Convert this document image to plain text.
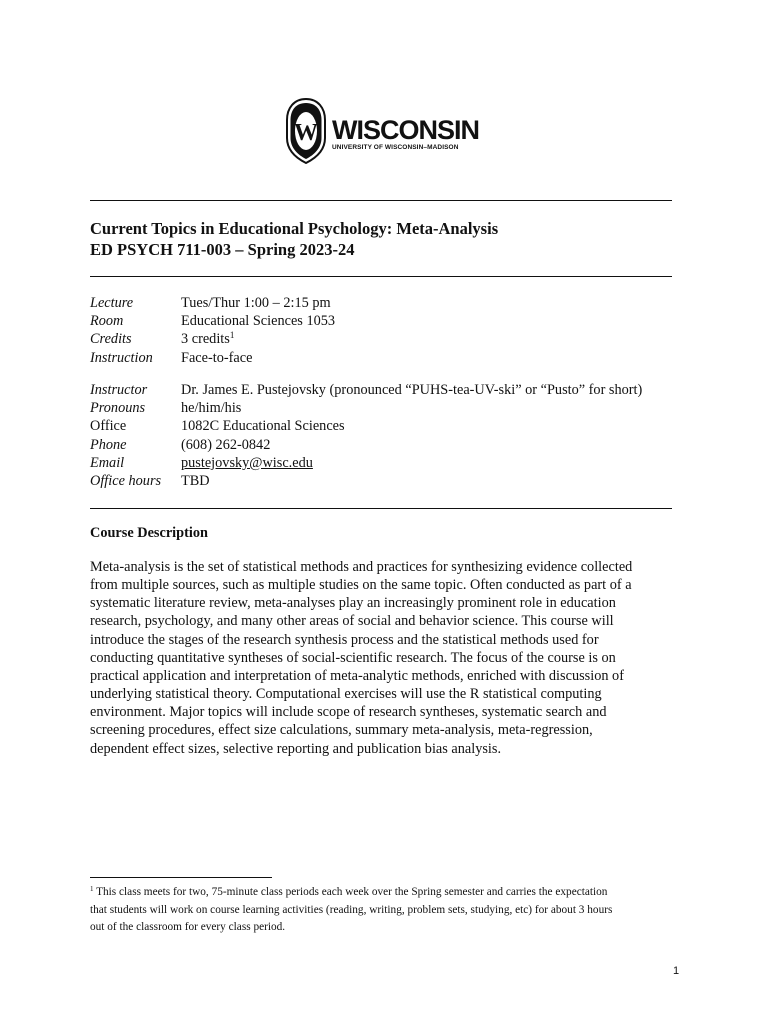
W WISCONSIN
UNIVERSITY OF WISCONSIN–MADISON
Current Topics in Educational Psychology: Meta-Analysis
ED PSYCH 711-003 – Spring 2023-24
Lecture	Tues/Thur 1:00 – 2:15 pm
Room	Educational Sciences 1053
Credits	3 credits$^1$
Instruction	Face-to-face
Instructor	Dr. James E. Pustejovsky (pronounced “PUHS-tea-UV-ski” or “Pusto” for short)
Pronouns	he/him/his
Office	1082C Educational Sciences
Phone	(608) 262-0842
Email	pustejovsky@wisc.edu
Office hours	TBD
Course Description
Meta-analysis is the set of statistical methods and practices for synthesizing evidence collected
from multiple sources, such as multiple studies on the same topic. Often conducted as part of a
systematic literature review, meta-analyses play an increasingly prominent role in education
research, psychology, and many other areas of social and behavior science. This course will
introduce the stages of the research synthesis process and the statistical methods used for
conducting quantitative syntheses of social-scientific research. The focus of the course is on
practical application and interpretation of meta-analytic methods, enriched with discussion of
underlying statistical theory. Computational exercises will use the R statistical computing
environment. Major topics will include scope of research syntheses, systematic search and
screening procedures, effect size calculations, summary meta-analysis, meta-regression,
dependent effect sizes, selective reporting and publication bias analysis.
$^1$ This class meets for two, 75-minute class periods each week over the Spring semester and carries the expectation
that students will work on course learning activities (reading, writing, problem sets, studying, etc) for about 3 hours
out of the classroom for every class period.
1
